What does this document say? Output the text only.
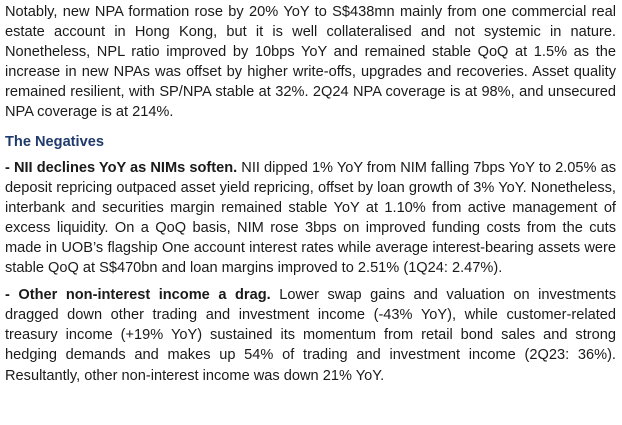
Notably, new NPA formation rose by 20% YoY to S$438mn mainly from one commercial real estate account in Hong Kong, but it is well collateralised and not systemic in nature. Nonetheless, NPL ratio improved by 10bps YoY and remained stable QoQ at 1.5% as the increase in new NPAs was offset by higher write-offs, upgrades and recoveries. Asset quality remained resilient, with SP/NPA stable at 32%. 2Q24 NPA coverage is at 98%, and unsecured NPA coverage is at 214%.

The Negatives

- NII declines YoY as NIMs soften. NII dipped 1% YoY from NIM falling 7bps YoY to 2.05% as deposit repricing outpaced asset yield repricing, offset by loan growth of 3% YoY. Nonetheless, interbank and securities margin remained stable YoY at 1.10% from active management of excess liquidity. On a QoQ basis, NIM rose 3bps on improved funding costs from the cuts made in UOB’s flagship One account interest rates while average interest-bearing assets were stable QoQ at S$470bn and loan margins improved to 2.51% (1Q24: 2.47%).

- Other non-interest income a drag. Lower swap gains and valuation on investments dragged down other trading and investment income (-43% YoY), while customer-related treasury income (+19% YoY) sustained its momentum from retail bond sales and strong hedging demands and makes up 54% of trading and investment income (2Q23: 36%). Resultantly, other non-interest income was down 21% YoY.
